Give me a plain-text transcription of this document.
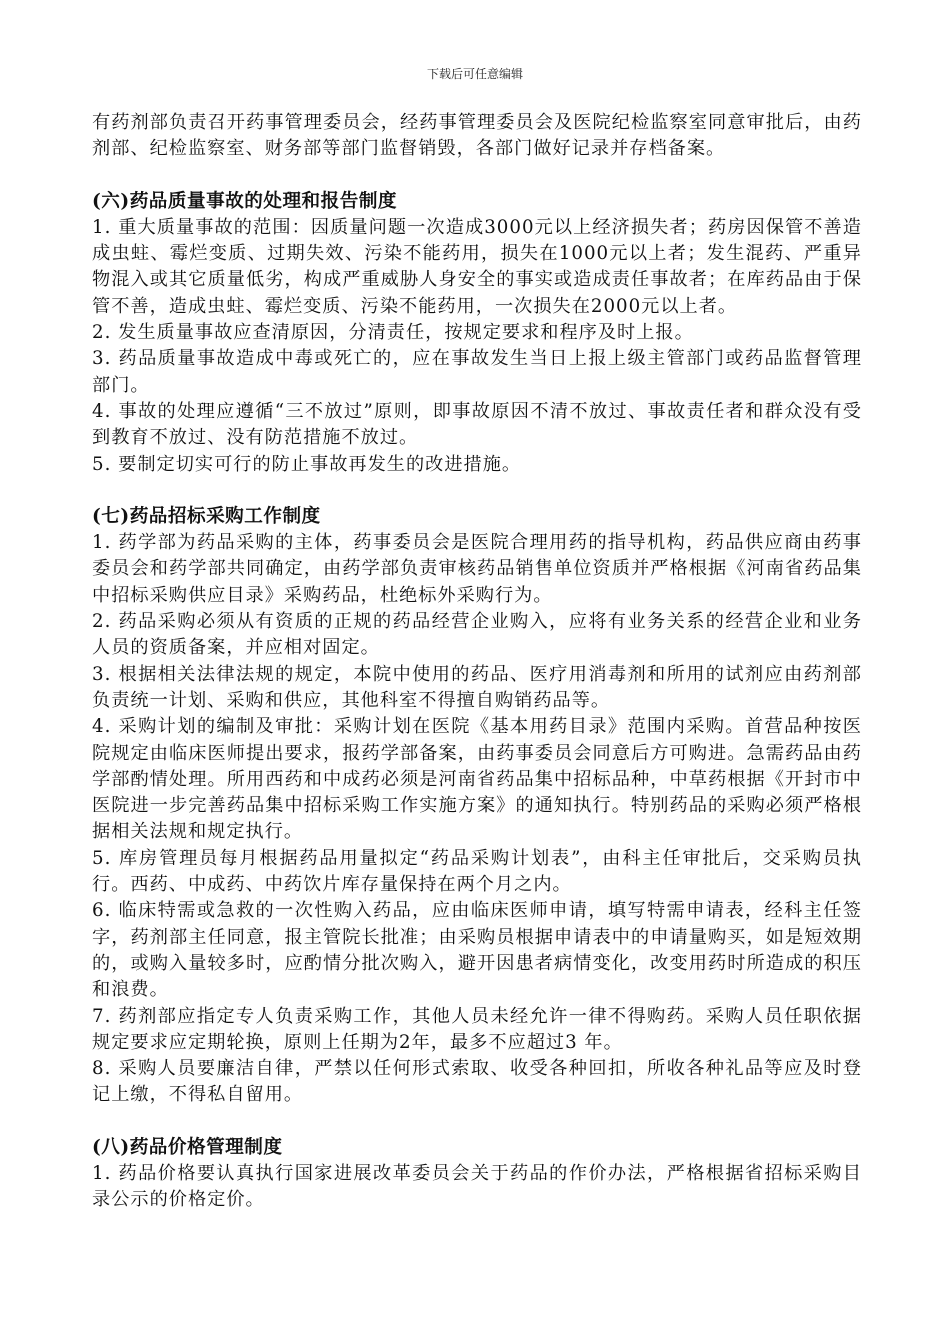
下载后可任意编辑

有药剂部负责召开药事管理委员会，经药事管理委员会及医院纪检监察室同意审批后，由药剂部、纪检监察室、财务部等部门监督销毁，各部门做好记录并存档备案。

(六)药品质量事故的处理和报告制度

1. 重大质量事故的范围：因质量问题一次造成3000元以上经济损失者；药房因保管不善造成虫蛀、霉烂变质、过期失效、污染不能药用，损失在1000元以上者；发生混药、严重异物混入或其它质量低劣，构成严重威胁人身安全的事实或造成责任事故者；在库药品由于保管不善，造成虫蛀、霉烂变质、污染不能药用，一次损失在2000元以上者。

2. 发生质量事故应查清原因，分清责任，按规定要求和程序及时上报。

3. 药品质量事故造成中毒或死亡的，应在事故发生当日上报上级主管部门或药品监督管理部门。

4. 事故的处理应遵循“三不放过”原则，即事故原因不清不放过、事故责任者和群众没有受到教育不放过、没有防范措施不放过。

5. 要制定切实可行的防止事故再发生的改进措施。

(七)药品招标采购工作制度

1. 药学部为药品采购的主体，药事委员会是医院合理用药的指导机构，药品供应商由药事委员会和药学部共同确定，由药学部负责审核药品销售单位资质并严格根据《河南省药品集中招标采购供应目录》采购药品，杜绝标外采购行为。

2. 药品采购必须从有资质的正规的药品经营企业购入，应将有业务关系的经营企业和业务人员的资质备案，并应相对固定。

3. 根据相关法律法规的规定，本院中使用的药品、医疗用消毒剂和所用的试剂应由药剂部负责统一计划、采购和供应，其他科室不得擅自购销药品等。

4. 采购计划的编制及审批：采购计划在医院《基本用药目录》范围内采购。首营品种按医院规定由临床医师提出要求，报药学部备案，由药事委员会同意后方可购进。急需药品由药学部酌情处理。所用西药和中成药必须是河南省药品集中招标品种，中草药根据《开封市中医院进一步完善药品集中招标采购工作实施方案》的通知执行。特别药品的采购必须严格根据相关法规和规定执行。

5. 库房管理员每月根据药品用量拟定“药品采购计划表”，由科主任审批后，交采购员执行。西药、中成药、中药饮片库存量保持在两个月之内。

6. 临床特需或急救的一次性购入药品，应由临床医师申请，填写特需申请表，经科主任签字，药剂部主任同意，报主管院长批准；由采购员根据申请表中的申请量购买，如是短效期的，或购入量较多时，应酌情分批次购入，避开因患者病情变化，改变用药时所造成的积压和浪费。

7. 药剂部应指定专人负责采购工作，其他人员未经允许一律不得购药。采购人员任职依据规定要求应定期轮换，原则上任期为2年，最多不应超过3 年。

8. 采购人员要廉洁自律，严禁以任何形式索取、收受各种回扣，所收各种礼品等应及时登记上缴，不得私自留用。

(八)药品价格管理制度

1. 药品价格要认真执行国家进展改革委员会关于药品的作价办法，严格根据省招标采购目录公示的价格定价。
